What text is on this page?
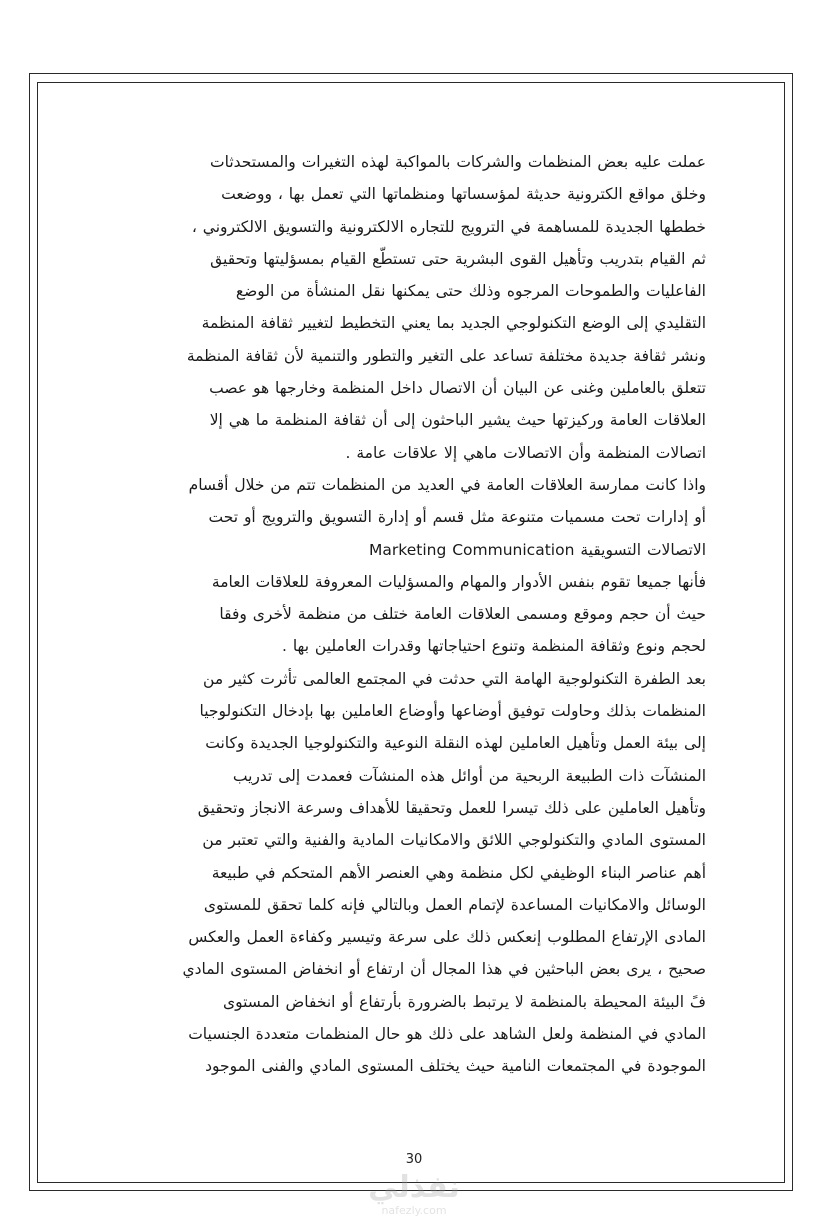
عملت عليه بعض المنظمات والشركات بالمواكبة لهذه التغيرات والمستحدثات
وخلق مواقع الكترونية حديثة لمؤسساتها ومنظماتها التي تعمل بها ، ووضعت
خططها الجديدة للمساهمة في الترويج للتجاره الالكترونية والتسويق الالكتروني ،
ثم القيام بتدريب وتأهيل القوى البشرية حتى تستطّع القيام بمسؤليتها وتحقيق
الفاعليات والطموحات المرجوه وذلك حتى يمكنها نقل المنشأة من الوضع
التقليدي إلى الوضع التكنولوجي الجديد بما يعني التخطيط لتغيير ثقافة المنظمة
ونشر ثقافة جديدة مختلفة تساعد على التغير والتطور والتنمية لأن ثقافة المنظمة
تتعلق بالعاملين وغنى عن البيان أن الاتصال داخل المنظمة وخارجها هو عصب
العلاقات العامة وركيزتها حيث يشير الباحثون إلى أن ثقافة المنظمة ما هي إلا
اتصالات المنظمة وأن الاتصالات ماهي إلا علاقات عامة .
واذا كانت ممارسة العلاقات العامة في العديد من المنظمات تتم من خلال أقسام
أو إدارات تحت مسميات متنوعة مثل قسم أو إدارة التسويق والترويج أو تحت
الاتصالات التسويقية Marketing Communication
فأنها جميعا تقوم بنفس الأدوار والمهام والمسؤليات المعروفة للعلاقات العامة
حيث أن حجم وموقع ومسمى العلاقات العامة ختلف من منظمة لأخرى وفقا
لحجم ونوع وثقافة المنظمة وتنوع احتياجاتها وقدرات العاملين بها .
بعد الطفرة التكنولوجية الهامة التي حدثت في المجتمع العالمى تأثرت كثير من
المنظمات بذلك وحاولت توفيق أوضاعها وأوضاع العاملين بها بإدخال التكنولوجيا
إلى بيئة العمل وتأهيل العاملين لهذه النقلة النوعية والتكنولوجيا الجديدة وكانت
المنشآت ذات الطبيعة الربحية من أوائل هذه المنشآت فعمدت إلى تدريب
وتأهيل العاملين على ذلك تيسرا للعمل وتحقيقا للأهداف وسرعة الانجاز وتحقيق
المستوى المادي والتكنولوجي اللائق والامكانيات المادية والفنية والتي تعتبر من
أهم عناصر البناء الوظيفي لكل منظمة وهي العنصر الأهم المتحكم في طبيعة
الوسائل والامكانيات المساعدة لإتمام العمل وبالتالي فإنه كلما تحقق للمستوى
المادى الإرتفاع المطلوب إنعكس ذلك على سرعة وتيسير وكفاءة العمل والعكس
صحيح ، يرى بعض الباحثين في هذا المجال أن ارتفاع أو انخفاض المستوى المادي
فً البيئة المحيطة بالمنظمة لا يرتبط بالضرورة بأرتفاع أو انخفاض المستوى
المادي في المنظمة ولعل الشاهد على ذلك هو حال المنظمات متعددة الجنسيات
الموجودة في المجتمعات النامية حيث يختلف المستوى المادي والفنى الموجود
30
نفذلي
nafezly.com
